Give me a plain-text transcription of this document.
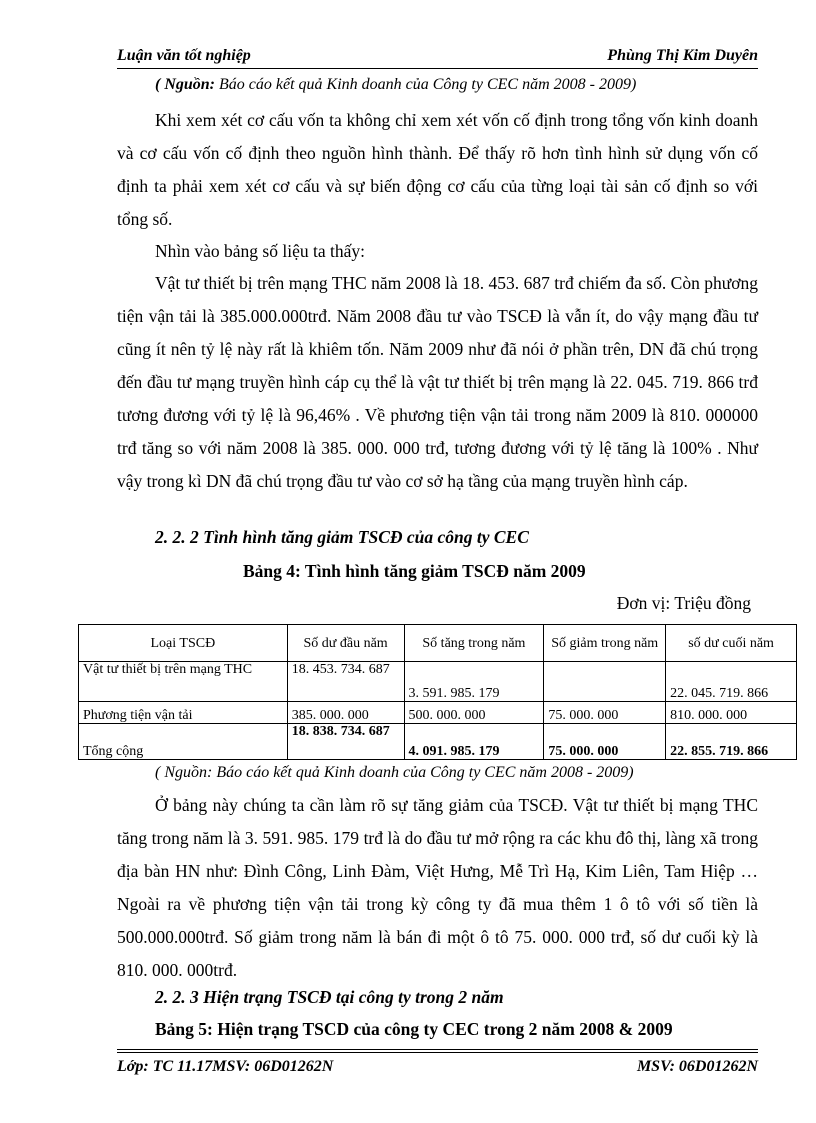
Luận văn tốt nghiệp	Phùng Thị Kim Duyên
( Nguồn: Báo cáo kết quả Kinh doanh của Công ty CEC năm 2008 - 2009)
Khi xem xét cơ cấu vốn ta không chỉ xem xét vốn cố định trong tổng vốn kinh doanh và cơ cấu vốn cố định theo nguồn hình thành. Để thấy rõ hơn tình hình sử dụng vốn cố định ta phải xem xét cơ cấu và sự biến động cơ cấu của từng loại tài sản cố định so với tổng số.
Nhìn vào bảng số liệu ta thấy:
Vật tư thiết bị trên mạng THC năm 2008 là 18. 453. 687 trđ chiếm đa số. Còn phương tiện vận tải là 385.000.000trđ. Năm 2008 đầu tư vào TSCĐ là vẫn ít, do vậy mạng đầu tư cũng ít nên tỷ lệ này rất là khiêm tốn. Năm 2009 như đã nói ở phần trên, DN đã chú trọng đến đầu tư mạng truyền hình cáp cụ thể là vật tư thiết bị trên mạng là 22. 045. 719. 866 trđ tương đương với tỷ lệ là 96,46% . Về phương tiện vận tải trong năm 2009 là 810. 000000 trđ tăng so với năm 2008 là 385. 000. 000 trđ, tương đương với tỷ lệ tăng là 100% . Như vậy trong kì DN đã chú trọng đầu tư vào cơ sở hạ tầng của mạng truyền hình cáp.
2. 2. 2 Tình hình tăng giảm TSCĐ của công ty CEC
Bảng 4: Tình hình tăng giảm TSCĐ năm 2009
Đơn vị: Triệu đồng
Loại TSCĐ	Số dư đầu năm	Số tăng trong năm	Số giảm trong năm	số dư cuối năm
Vật tư thiết bị trên mạng THC	18. 453. 734. 687	3. 591. 985. 179		22. 045. 719. 866
Phương tiện vận tải	385. 000. 000	500. 000. 000	75. 000. 000	810. 000. 000
Tổng cộng	18. 838. 734. 687	4. 091. 985. 179	75. 000. 000	22. 855. 719. 866
( Nguồn: Báo cáo kết quả Kinh doanh của Công ty CEC năm 2008 - 2009)
Ở bảng này chúng ta cần làm rõ sự tăng giảm của TSCĐ. Vật tư thiết bị mạng THC tăng trong năm là 3. 591. 985. 179 trđ là do đầu tư mở rộng ra các khu đô thị, làng xã trong địa bàn HN như: Đình Công, Linh Đàm, Việt Hưng, Mễ Trì Hạ, Kim Liên, Tam Hiệp …Ngoài ra về phương tiện vận tải trong kỳ công ty đã mua thêm 1 ô tô với số tiền là 500.000.000trđ. Số giảm trong năm là bán đi một ô tô 75. 000. 000 trđ, số dư cuối kỳ là 810. 000. 000trđ.
2. 2. 3 Hiện trạng TSCĐ tại công ty trong 2 năm
Bảng 5: Hiện trạng TSCD của công ty CEC trong 2 năm 2008 & 2009
Lớp: TC 11.17MSV: 06D01262N	MSV: 06D01262N
